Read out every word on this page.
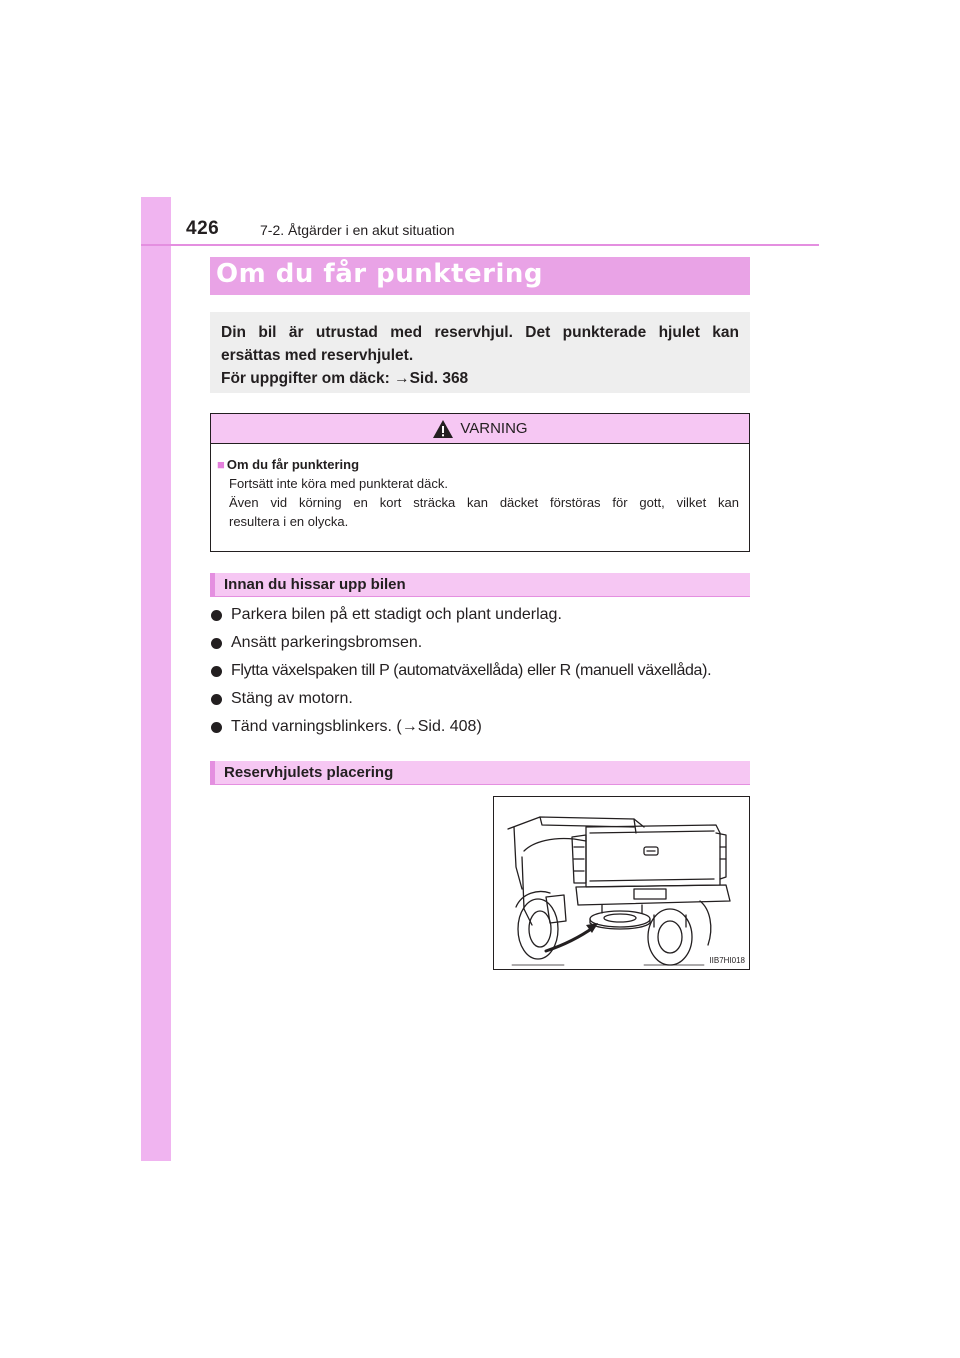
426	7-2. Åtgärder i en akut situation
Om du får punktering

Din bil är utrustad med reservhjul. Det punkterade hjulet kan

ersättas med reservhjulet.

För uppgifter om däck: →Sid. 368

VARNING
■ Om du får punktering
Fortsätt inte köra med punkterat däck.
Även vid körning en kort sträcka kan däcket förstöras för gott, vilket kan
resultera i en olycka.
Innan du hissar upp bilen
Parkera bilen på ett stadigt och plant underlag.
Ansätt parkeringsbromsen.
Flytta växelspaken till P (automatväxellåda) eller R (manuell växellåda).
Stäng av motorn.
Tänd varningsblinkers. (→Sid. 408)
Reservhjulets placering
IIB7HI018
